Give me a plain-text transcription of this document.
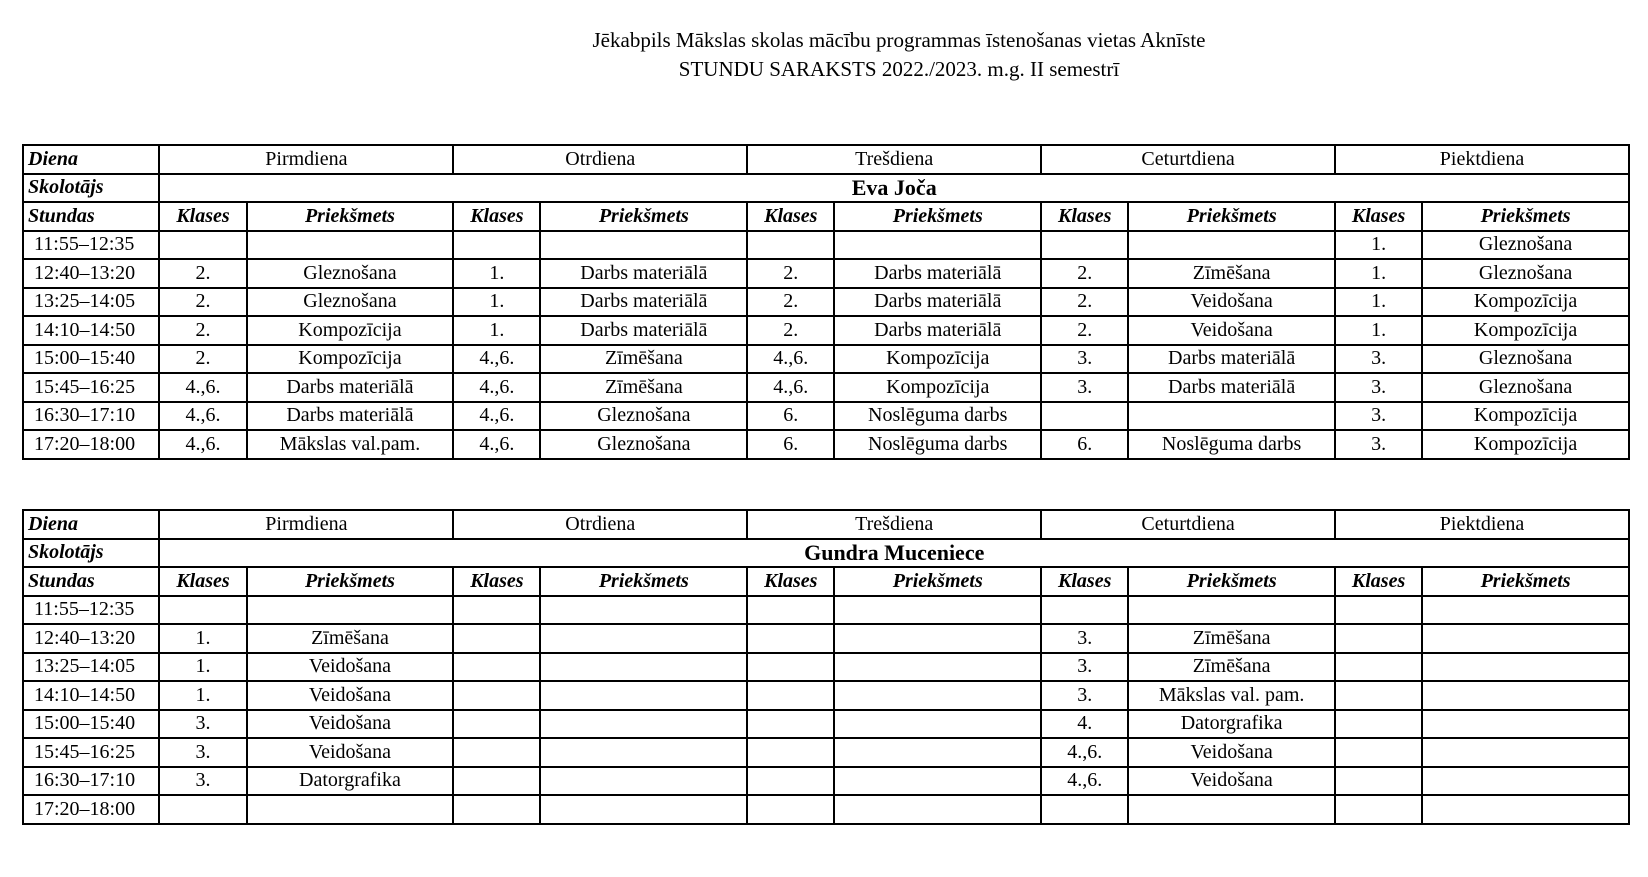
Jēkabpils Mākslas skolas mācību programmas īstenošanas vietas Aknīste
STUNDU SARAKSTS 2022./2023. m.g. II semestrī
Diena	Pirmdiena		Otrdiena		Trešdiena		Ceturtdiena		Piektdiena	
Skolotājs	Eva Joča									
Stundas	Klases	Priekšmets	Klases	Priekšmets	Klases	Priekšmets	Klases	Priekšmets	Klases	Priekšmets
11:55–12:35									1.	Gleznošana
12:40–13:20	2.	Gleznošana	1.	Darbs materiālā	2.	Darbs materiālā	2.	Zīmēšana	1.	Gleznošana
13:25–14:05	2.	Gleznošana	1.	Darbs materiālā	2.	Darbs materiālā	2.	Veidošana	1.	Kompozīcija
14:10–14:50	2.	Kompozīcija	1.	Darbs materiālā	2.	Darbs materiālā	2.	Veidošana	1.	Kompozīcija
15:00–15:40	2.	Kompozīcija	4.,6.	Zīmēšana	4.,6.	Kompozīcija	3.	Darbs materiālā	3.	Gleznošana
15:45–16:25	4.,6.	Darbs materiālā	4.,6.	Zīmēšana	4.,6.	Kompozīcija	3.	Darbs materiālā	3.	Gleznošana
16:30–17:10	4.,6.	Darbs materiālā	4.,6.	Gleznošana	6.	Noslēguma darbs			3.	Kompozīcija
17:20–18:00	4.,6.	Mākslas val.pam.	4.,6.	Gleznošana	6.	Noslēguma darbs	6.	Noslēguma darbs	3.	Kompozīcija
Diena	Pirmdiena		Otrdiena		Trešdiena		Ceturtdiena		Piektdiena	
Skolotājs	Gundra Muceniece									
Stundas	Klases	Priekšmets	Klases	Priekšmets	Klases	Priekšmets	Klases	Priekšmets	Klases	Priekšmets
11:55–12:35										
12:40–13:20	1.	Zīmēšana					3.	Zīmēšana		
13:25–14:05	1.	Veidošana					3.	Zīmēšana		
14:10–14:50	1.	Veidošana					3.	Mākslas val. pam.		
15:00–15:40	3.	Veidošana					4.	Datorgrafika		
15:45–16:25	3.	Veidošana					4.,6.	Veidošana		
16:30–17:10	3.	Datorgrafika					4.,6.	Veidošana		
17:20–18:00										
